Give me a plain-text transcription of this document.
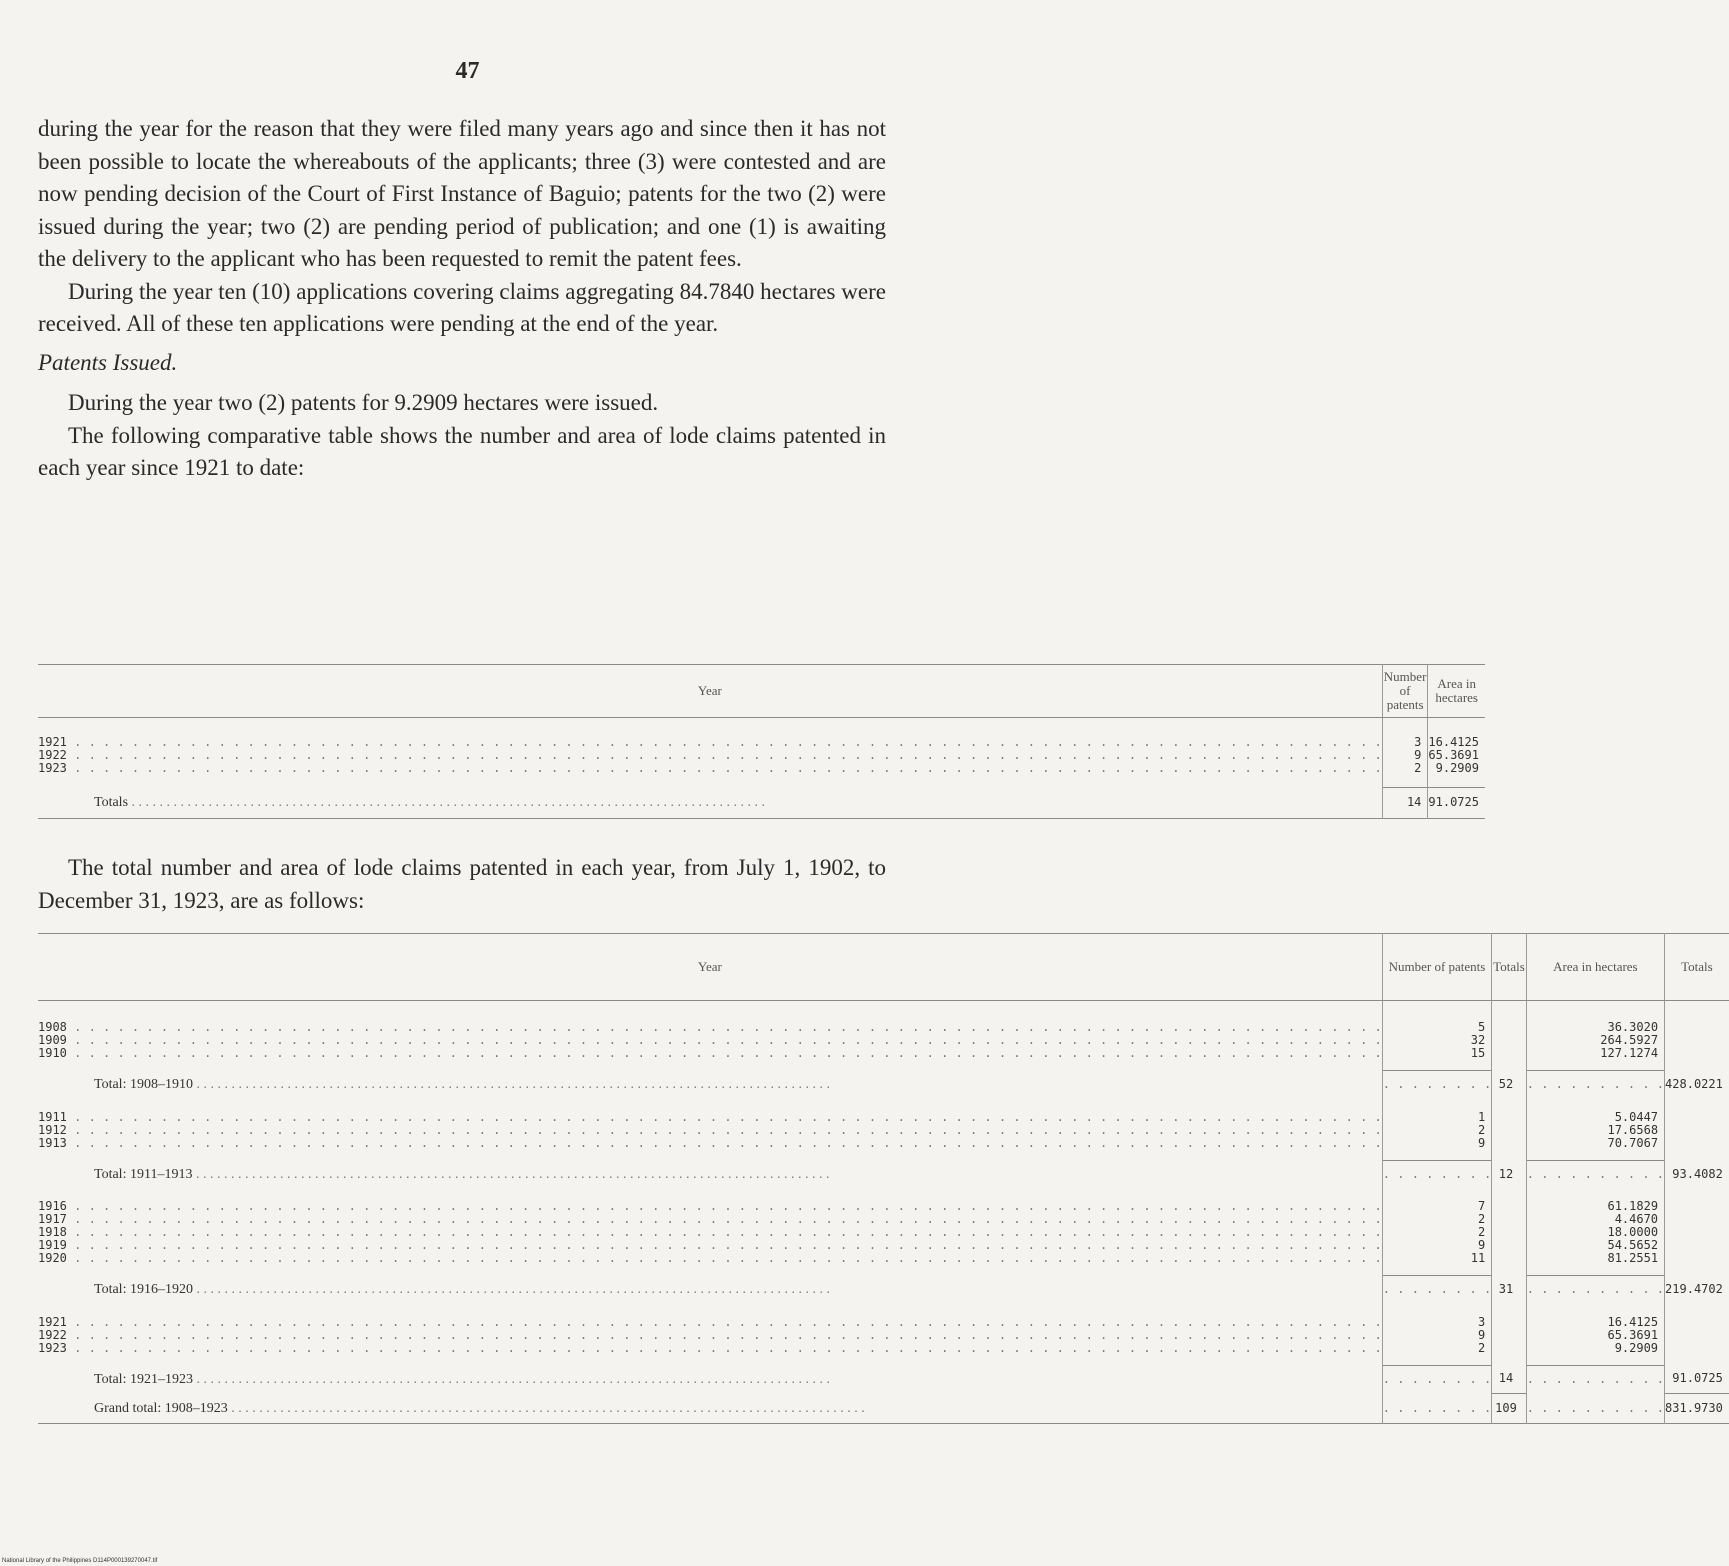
47

during the year for the reason that they were filed many years ago and since then it has not been possible to locate the whereabouts of the applicants; three (3) were contested and are now pending decision of the Court of First Instance of Baguio; patents for the two (2) were issued during the year; two (2) are pending period of publication; and one (1) is awaiting the delivery to the applicant who has been requested to remit the patent fees.

During the year ten (10) applications covering claims aggregating 84.7840 hectares were received. All of these ten applications were pending at the end of the year.

Patents Issued.

During the year two (2) patents for 9.2909 hectares were issued.

The following comparative table shows the number and area of lode claims patented in each year since 1921 to date:

Year	Number of patents	Area in hectares

1921 . . .	3	16.4125
1922 . . .	9	65.3691
1923 . . .	2	9.2909

Totals . . .	14	91.0725

The total number and area of lode claims patented in each year, from July 1, 1902, to December 31, 1923, are as follows:

Year	Number of patents	Totals	Area in hectares	Totals

1908 . . .	5		36.3020	
1909 . . .	32		264.5927	
1910 . . .	15		127.1274	

Total: 1908–1910 . . .	. . . . . . . .	52	. . . . . . . . . .	428.0221

1911 . . .	1		5.0447	
1912 . . .	2		17.6568	
1913 . . .	9		70.7067	

Total: 1911–1913 . . .	. . . . . . . .	12	. . . . . . . . . .	93.4082

1916 . . .	7		61.1829	
1917 . . .	2		4.4670	
1918 . . .	2		18.0000	
1919 . . .	9		54.5652	
1920 . . .	11		81.2551	

Total: 1916–1920 . . .	. . . . . . . .	31	. . . . . . . . . .	219.4702

1921 . . .	3		16.4125	
1922 . . .	9		65.3691	
1923 . . .	2		9.2909	

Total: 1921–1923 . . .	. . . . . . . .	14	. . . . . . . . . .	91.0725
Grand total: 1908–1923 . . .	. . . . . . . .	109	. . . . . . . . . .	831.9730
National Library of the Philippines D114P000139270047.tif
